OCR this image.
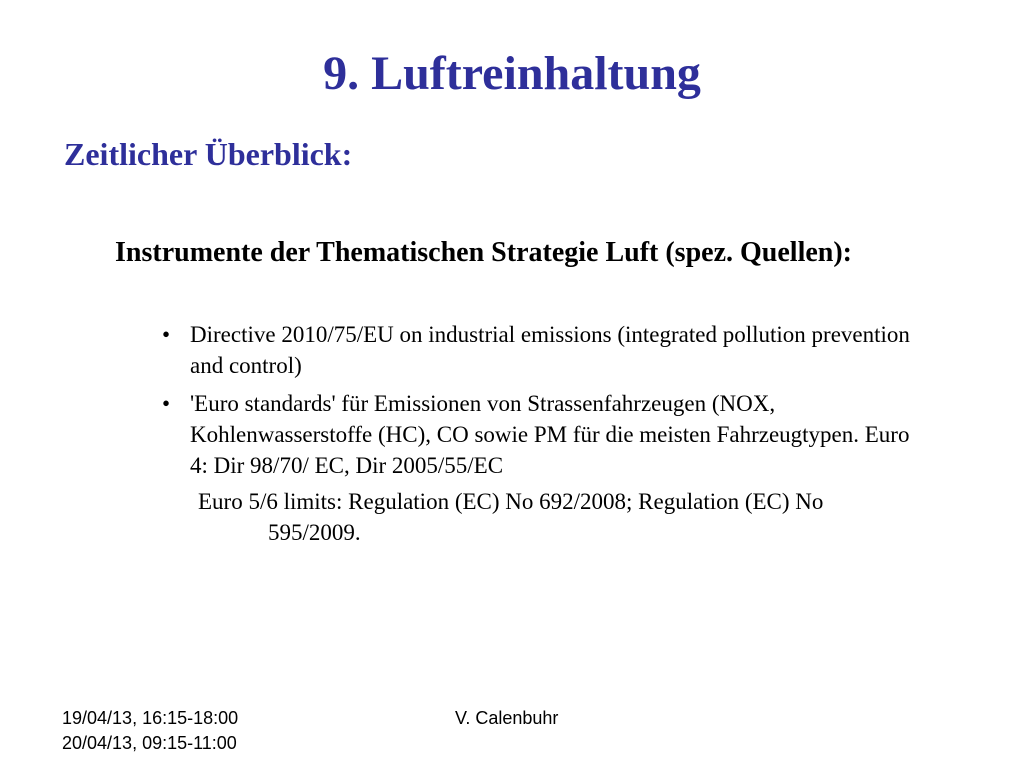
9. Luftreinhaltung
Zeitlicher Überblick:
Instrumente der Thematischen Strategie Luft (spez. Quellen):
• Directive 2010/75/EU on industrial emissions (integrated pollution prevention and control)
• 'Euro standards' für Emissionen von Strassenfahrzeugen (NOX, Kohlenwasserstoffe (HC), CO sowie PM für die meisten Fahrzeugtypen. Euro 4: Dir 98/70/ EC, Dir 2005/55/EC
Euro 5/6 limits: Regulation (EC) No 692/2008; Regulation (EC) No
595/2009.
19/04/13, 16:15-18:00
20/04/13, 09:15-11:00
V. Calenbuhr
